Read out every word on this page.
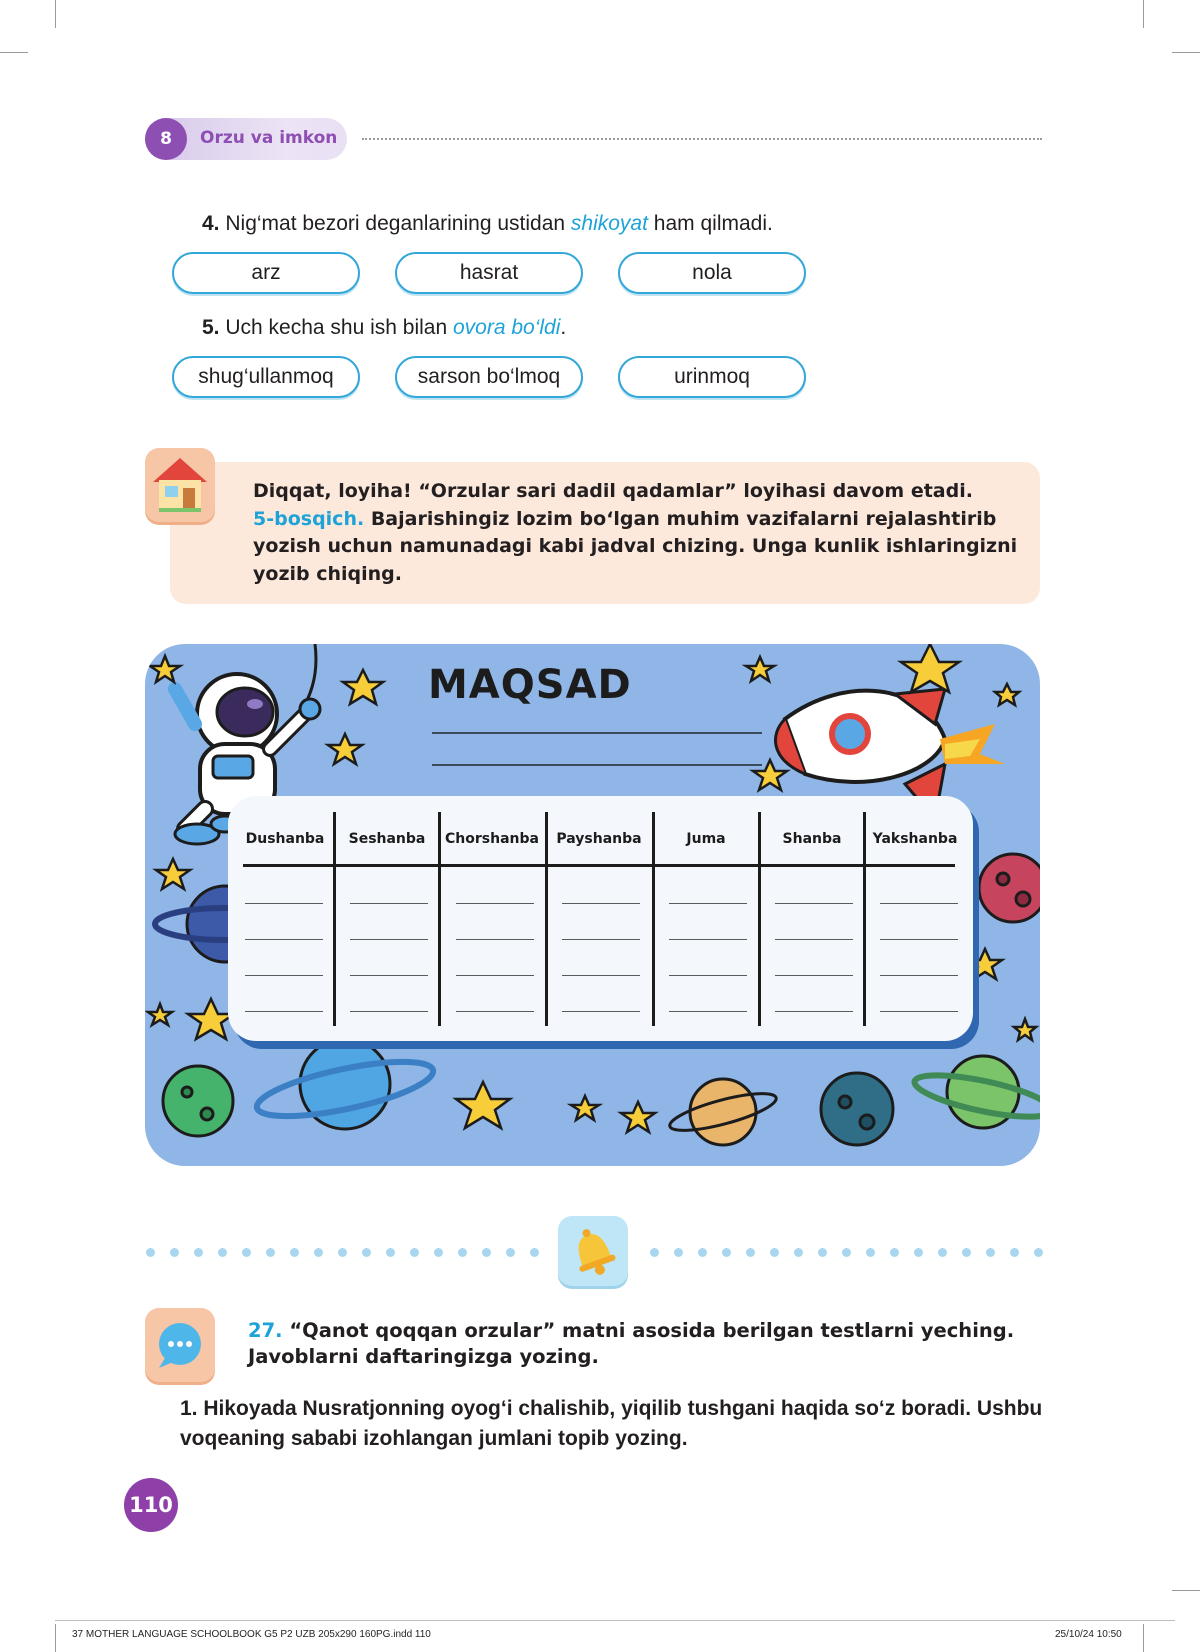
8	Orzu va imkon
4. Nig‘mat bezori deganlarining ustidan shikoyat ham qilmadi.
arz	hasrat	nola
5. Uch kecha shu ish bilan ovora bo‘ldi.
shug‘ullanmoq	sarson bo‘lmoq	urinmoq
Diqqat, loyiha! “Orzular sari dadil qadamlar” loyihasi davom etadi.
5-bosqich. Bajarishingiz lozim bo‘lgan muhim vazifalarni rejalashtirib yozish uchun namunadagi kabi jadval chizing. Unga kunlik ishlaringizni yozib chiqing.
MAQSAD
Dushanba	Seshanba	Chorshanba	Payshanba	Juma	Shanba	Yakshanba
27. “Qanot qoqqan orzular” matni asosida berilgan testlarni yeching. Javoblarni daftaringizga yozing.
1. Hikoyada Nusratjonning oyog‘i chalishib, yiqilib tushgani haqida so‘z boradi. Ushbu voqeaning sababi izohlangan jumlani topib yozing.
110
37 MOTHER LANGUAGE SCHOOLBOOK G5 P2 UZB 205x290 160PG.indd 110	25/10/24 10:50
